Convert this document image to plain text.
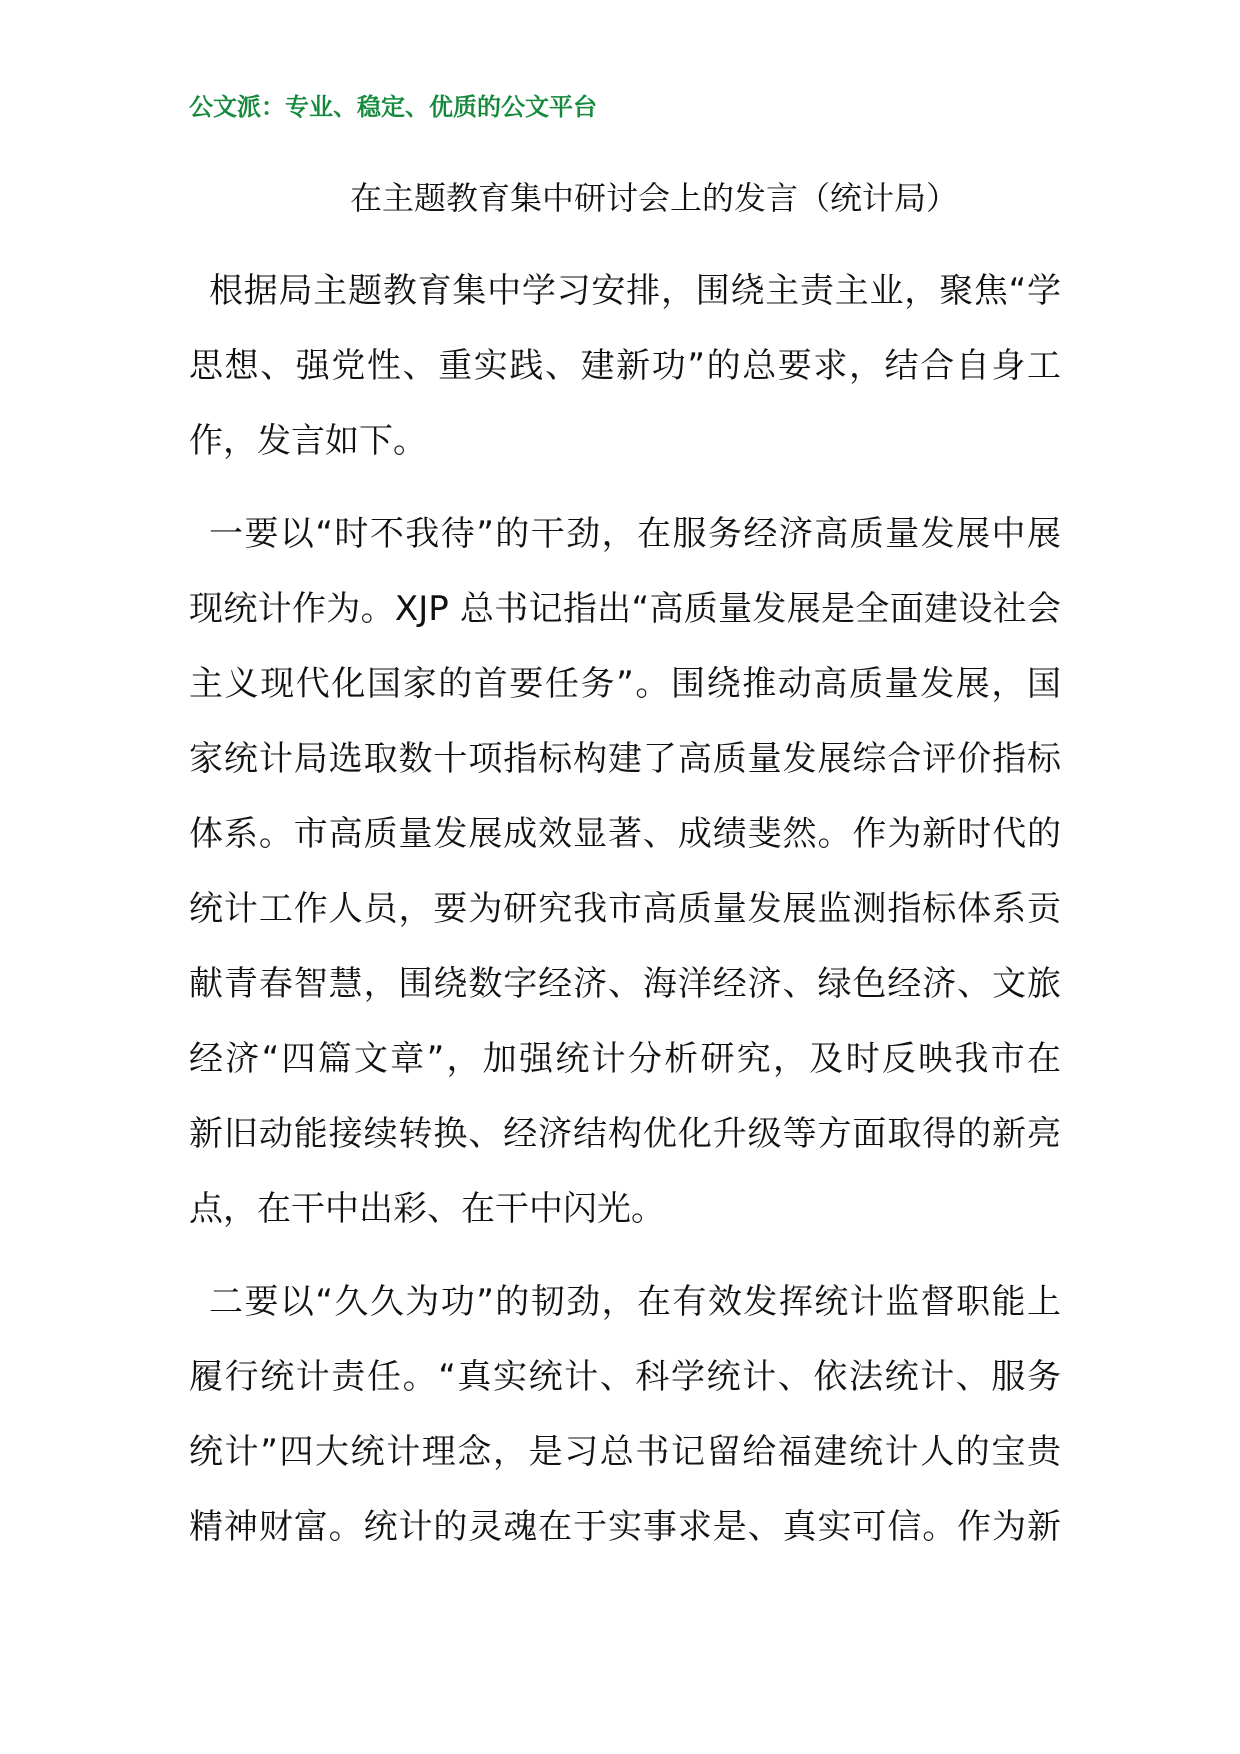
公文派：专业、稳定、优质的公文平台
在主题教育集中研讨会上的发言（统计局）
根据局主题教育集中学习安排，围绕主责主业，聚焦“学
思想、强党性、重实践、建新功”的总要求，结合自身工
作，发言如下。
一要以“时不我待”的干劲，在服务经济高质量发展中展
现统计作为。XJP 总书记指出“高质量发展是全面建设社会
主义现代化国家的首要任务”。围绕推动高质量发展，国
家统计局选取数十项指标构建了高质量发展综合评价指标
体系。市高质量发展成效显著、成绩斐然。作为新时代的
统计工作人员，要为研究我市高质量发展监测指标体系贡
献青春智慧，围绕数字经济、海洋经济、绿色经济、文旅
经济“四篇文章”，加强统计分析研究，及时反映我市在
新旧动能接续转换、经济结构优化升级等方面取得的新亮
点，在干中出彩、在干中闪光。
二要以“久久为功”的韧劲，在有效发挥统计监督职能上
履行统计责任。“真实统计、科学统计、依法统计、服务
统计”四大统计理念，是习总书记留给福建统计人的宝贵
精神财富。统计的灵魂在于实事求是、真实可信。作为新
